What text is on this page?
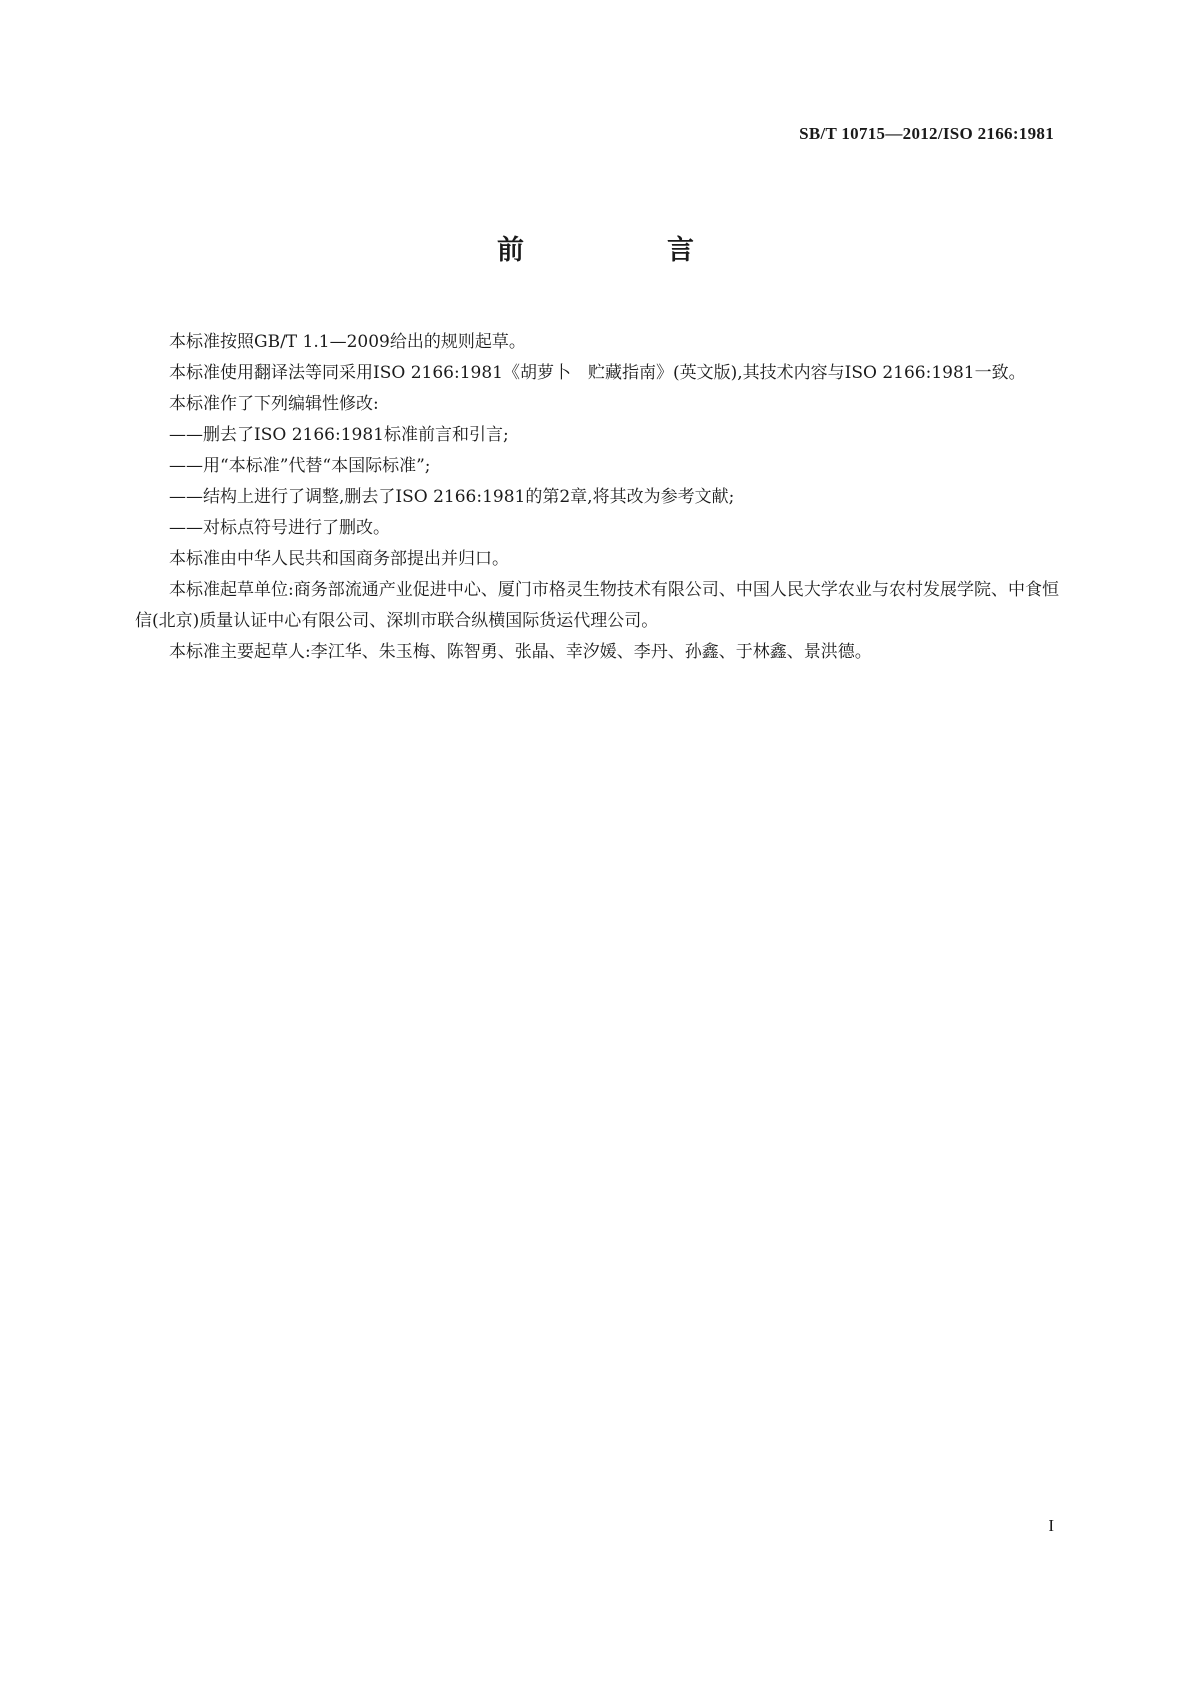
SB/T 10715—2012/ISO 2166:1981
前　言

本标准按照GB/T 1.1—2009给出的规则起草。

本标准使用翻译法等同采用ISO 2166:1981《胡萝卜　贮藏指南》(英文版),其技术内容与ISO 2166:1981一致。

本标准作了下列编辑性修改:

——删去了ISO 2166:1981标准前言和引言;

——用“本标准”代替“本国际标准”;

——结构上进行了调整,删去了ISO 2166:1981的第2章,将其改为参考文献;

——对标点符号进行了删改。

本标准由中华人民共和国商务部提出并归口。

本标准起草单位:商务部流通产业促进中心、厦门市格灵生物技术有限公司、中国人民大学农业与农村发展学院、中食恒信(北京)质量认证中心有限公司、深圳市联合纵横国际货运代理公司。

本标准主要起草人:李江华、朱玉梅、陈智勇、张晶、幸汐媛、李丹、孙鑫、于林鑫、景洪德。

I
